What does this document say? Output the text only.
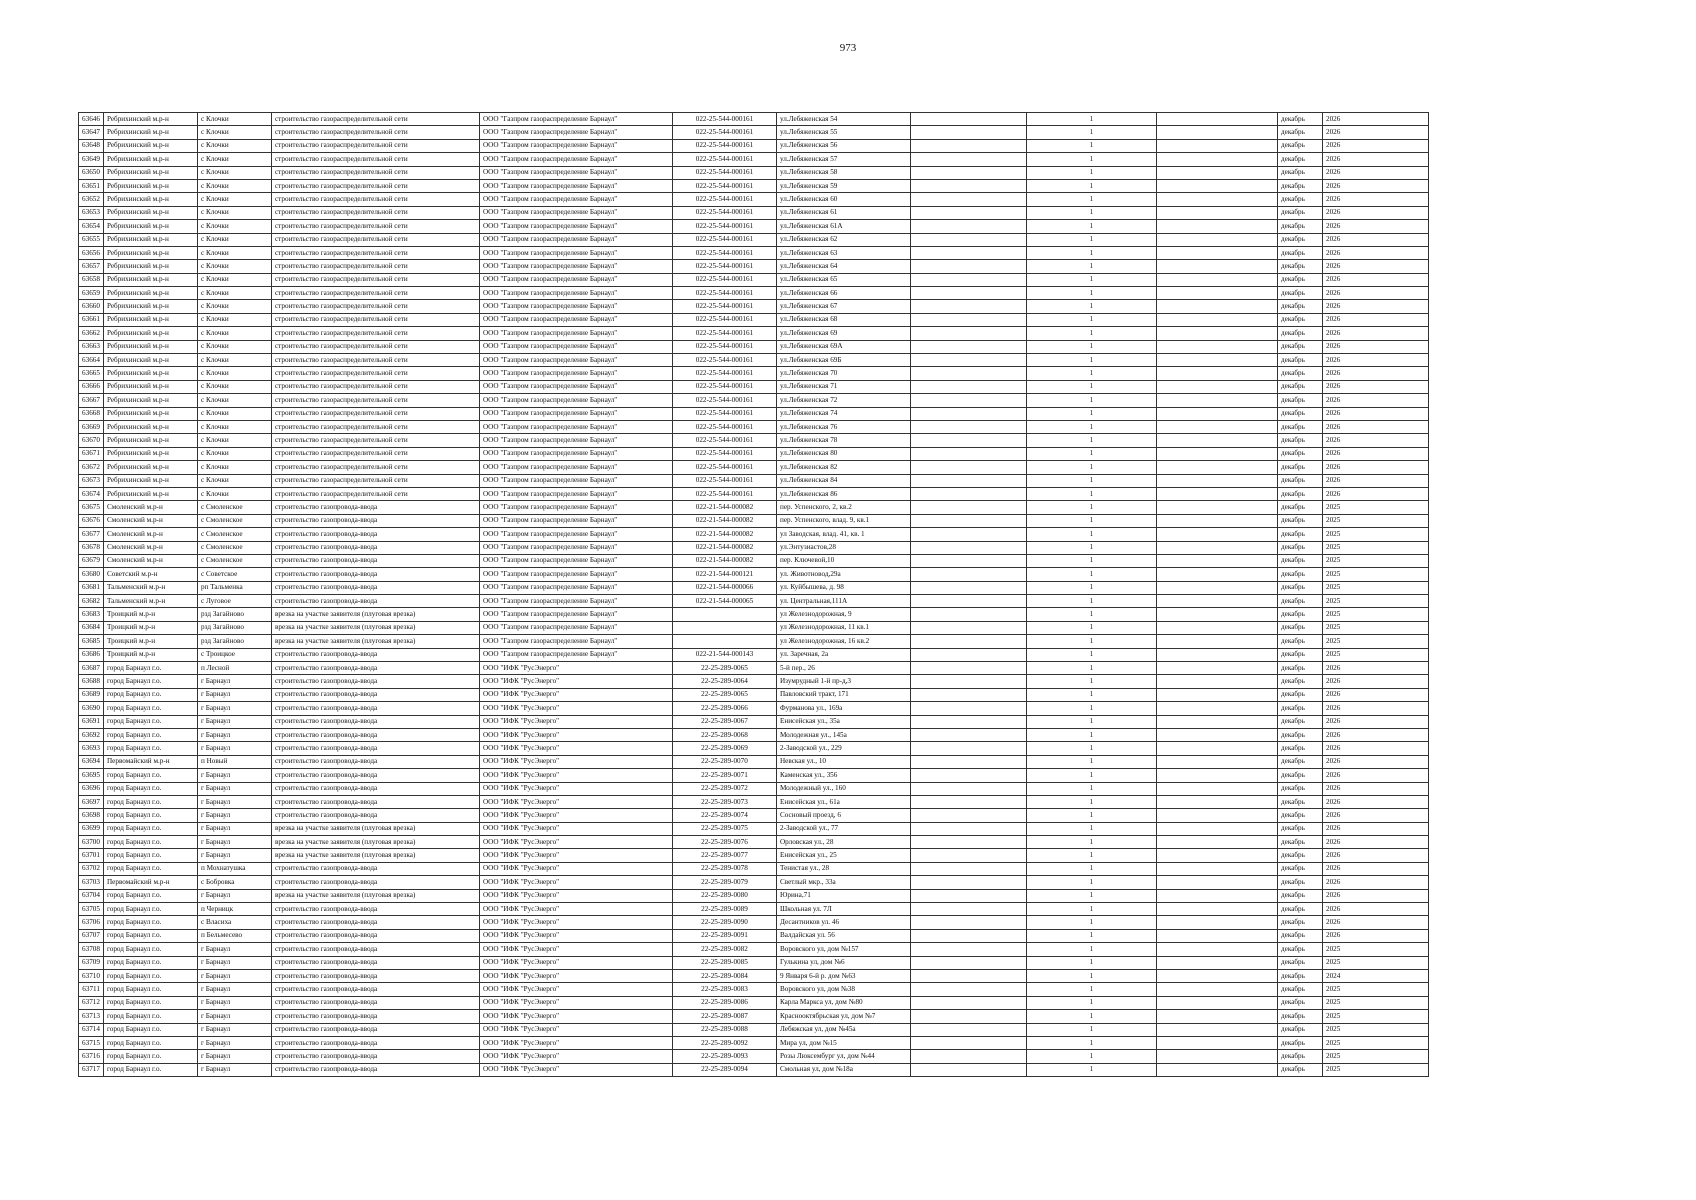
973
63646	Ребрихинский м.р-н	с Клочки	строительство газораспределительной сети	ООО "Газпром газораспределение Барнаул"	022-25-544-000161	ул.Лебяженская 54		1		декабрь	2026
63647	Ребрихинский м.р-н	с Клочки	строительство газораспределительной сети	ООО "Газпром газораспределение Барнаул"	022-25-544-000161	ул.Лебяженская 55		1		декабрь	2026
63648	Ребрихинский м.р-н	с Клочки	строительство газораспределительной сети	ООО "Газпром газораспределение Барнаул"	022-25-544-000161	ул.Лебяженская 56		1		декабрь	2026
63649	Ребрихинский м.р-н	с Клочки	строительство газораспределительной сети	ООО "Газпром газораспределение Барнаул"	022-25-544-000161	ул.Лебяженская 57		1		декабрь	2026
63650	Ребрихинский м.р-н	с Клочки	строительство газораспределительной сети	ООО "Газпром газораспределение Барнаул"	022-25-544-000161	ул.Лебяженская 58		1		декабрь	2026
63651	Ребрихинский м.р-н	с Клочки	строительство газораспределительной сети	ООО "Газпром газораспределение Барнаул"	022-25-544-000161	ул.Лебяженская 59		1		декабрь	2026
63652	Ребрихинский м.р-н	с Клочки	строительство газораспределительной сети	ООО "Газпром газораспределение Барнаул"	022-25-544-000161	ул.Лебяженская 60		1		декабрь	2026
63653	Ребрихинский м.р-н	с Клочки	строительство газораспределительной сети	ООО "Газпром газораспределение Барнаул"	022-25-544-000161	ул.Лебяженская 61		1		декабрь	2026
63654	Ребрихинский м.р-н	с Клочки	строительство газораспределительной сети	ООО "Газпром газораспределение Барнаул"	022-25-544-000161	ул.Лебяженская 61А		1		декабрь	2026
63655	Ребрихинский м.р-н	с Клочки	строительство газораспределительной сети	ООО "Газпром газораспределение Барнаул"	022-25-544-000161	ул.Лебяженская 62		1		декабрь	2026
63656	Ребрихинский м.р-н	с Клочки	строительство газораспределительной сети	ООО "Газпром газораспределение Барнаул"	022-25-544-000161	ул.Лебяженская 63		1		декабрь	2026
63657	Ребрихинский м.р-н	с Клочки	строительство газораспределительной сети	ООО "Газпром газораспределение Барнаул"	022-25-544-000161	ул.Лебяженская 64		1		декабрь	2026
63658	Ребрихинский м.р-н	с Клочки	строительство газораспределительной сети	ООО "Газпром газораспределение Барнаул"	022-25-544-000161	ул.Лебяженская 65		1		декабрь	2026
63659	Ребрихинский м.р-н	с Клочки	строительство газораспределительной сети	ООО "Газпром газораспределение Барнаул"	022-25-544-000161	ул.Лебяженская 66		1		декабрь	2026
63660	Ребрихинский м.р-н	с Клочки	строительство газораспределительной сети	ООО "Газпром газораспределение Барнаул"	022-25-544-000161	ул.Лебяженская 67		1		декабрь	2026
63661	Ребрихинский м.р-н	с Клочки	строительство газораспределительной сети	ООО "Газпром газораспределение Барнаул"	022-25-544-000161	ул.Лебяженская 68		1		декабрь	2026
63662	Ребрихинский м.р-н	с Клочки	строительство газораспределительной сети	ООО "Газпром газораспределение Барнаул"	022-25-544-000161	ул.Лебяженская 69		1		декабрь	2026
63663	Ребрихинский м.р-н	с Клочки	строительство газораспределительной сети	ООО "Газпром газораспределение Барнаул"	022-25-544-000161	ул.Лебяженская 69А		1		декабрь	2026
63664	Ребрихинский м.р-н	с Клочки	строительство газораспределительной сети	ООО "Газпром газораспределение Барнаул"	022-25-544-000161	ул.Лебяженская 69Б		1		декабрь	2026
63665	Ребрихинский м.р-н	с Клочки	строительство газораспределительной сети	ООО "Газпром газораспределение Барнаул"	022-25-544-000161	ул.Лебяженская 70		1		декабрь	2026
63666	Ребрихинский м.р-н	с Клочки	строительство газораспределительной сети	ООО "Газпром газораспределение Барнаул"	022-25-544-000161	ул.Лебяженская 71		1		декабрь	2026
63667	Ребрихинский м.р-н	с Клочки	строительство газораспределительной сети	ООО "Газпром газораспределение Барнаул"	022-25-544-000161	ул.Лебяженская 72		1		декабрь	2026
63668	Ребрихинский м.р-н	с Клочки	строительство газораспределительной сети	ООО "Газпром газораспределение Барнаул"	022-25-544-000161	ул.Лебяженская 74		1		декабрь	2026
63669	Ребрихинский м.р-н	с Клочки	строительство газораспределительной сети	ООО "Газпром газораспределение Барнаул"	022-25-544-000161	ул.Лебяженская 76		1		декабрь	2026
63670	Ребрихинский м.р-н	с Клочки	строительство газораспределительной сети	ООО "Газпром газораспределение Барнаул"	022-25-544-000161	ул.Лебяженская 78		1		декабрь	2026
63671	Ребрихинский м.р-н	с Клочки	строительство газораспределительной сети	ООО "Газпром газораспределение Барнаул"	022-25-544-000161	ул.Лебяженская 80		1		декабрь	2026
63672	Ребрихинский м.р-н	с Клочки	строительство газораспределительной сети	ООО "Газпром газораспределение Барнаул"	022-25-544-000161	ул.Лебяженская 82		1		декабрь	2026
63673	Ребрихинский м.р-н	с Клочки	строительство газораспределительной сети	ООО "Газпром газораспределение Барнаул"	022-25-544-000161	ул.Лебяженская 84		1		декабрь	2026
63674	Ребрихинский м.р-н	с Клочки	строительство газораспределительной сети	ООО "Газпром газораспределение Барнаул"	022-25-544-000161	ул.Лебяженская 86		1		декабрь	2026
63675	Смоленский м.р-н	с Смоленское	строительство газопровода-ввода	ООО "Газпром газораспределение Барнаул"	022-21-544-000082	пер. Успенского, 2, кв.2		1		декабрь	2025
63676	Смоленский м.р-н	с Смоленское	строительство газопровода-ввода	ООО "Газпром газораспределение Барнаул"	022-21-544-000082	пер. Успенского, влад. 9, кв.1		1		декабрь	2025
63677	Смоленский м.р-н	с Смоленское	строительство газопровода-ввода	ООО "Газпром газораспределение Барнаул"	022-21-544-000082	ул Заводская, влад. 41, кв. 1		1		декабрь	2025
63678	Смоленский м.р-н	с Смоленское	строительство газопровода-ввода	ООО "Газпром газораспределение Барнаул"	022-21-544-000082	ул.Энтузиастов,28		1		декабрь	2025
63679	Смоленский м.р-н	с Смоленское	строительство газопровода-ввода	ООО "Газпром газораспределение Барнаул"	022-21-544-000082	пер. Ключевой,10		1		декабрь	2025
63680	Советский м.р-н	с Советское	строительство газопровода-ввода	ООО "Газпром газораспределение Барнаул"	022-21-544-000121	ул. Животновод,29а		1		декабрь	2025
63681	Тальменский м.р-н	рп Тальменка	строительство газопровода-ввода	ООО "Газпром газораспределение Барнаул"	022-21-544-000066	ул. Куйбышева, д. 98		1		декабрь	2025
63682	Тальменский м.р-н	с Луговое	строительство газопровода-ввода	ООО "Газпром газораспределение Барнаул"	022-21-544-000065	ул. Центральная,111А		1		декабрь	2025
63683	Троицкий м.р-н	рзд Загайново	врезка на участке заявителя (плуговая врезка)	ООО "Газпром газораспределение Барнаул"		ул Железнодорожная, 9		1		декабрь	2025
63684	Троицкий м.р-н	рзд Загайново	врезка на участке заявителя (плуговая врезка)	ООО "Газпром газораспределение Барнаул"		ул Железнодорожная, 11 кв.1		1		декабрь	2025
63685	Троицкий м.р-н	рзд Загайново	врезка на участке заявителя (плуговая врезка)	ООО "Газпром газораспределение Барнаул"		ул Железнодорожная, 16 кв.2		1		декабрь	2025
63686	Троицкий м.р-н	с Троицкое	строительство газопровода-ввода	ООО "Газпром газораспределение Барнаул"	022-21-544-000143	ул. Заречная, 2а		1		декабрь	2025
63687	город Барнаул г.о.	п Лесной	строительство газопровода-ввода	ООО "ИФК "РусЭнерго"	22-25-289-0065	5-й пер., 26		1		декабрь	2026
63688	город Барнаул г.о.	г Барнаул	строительство газопровода-ввода	ООО "ИФК "РусЭнерго"	22-25-289-0064	Изумрудный 1-й пр-д,3		1		декабрь	2026
63689	город Барнаул г.о.	г Барнаул	строительство газопровода-ввода	ООО "ИФК "РусЭнерго"	22-25-289-0065	Павловский тракт, 171		1		декабрь	2026
63690	город Барнаул г.о.	г Барнаул	строительство газопровода-ввода	ООО "ИФК "РусЭнерго"	22-25-289-0066	Фурманова ул., 169а		1		декабрь	2026
63691	город Барнаул г.о.	г Барнаул	строительство газопровода-ввода	ООО "ИФК "РусЭнерго"	22-25-289-0067	Енисейская ул., 35а		1		декабрь	2026
63692	город Барнаул г.о.	г Барнаул	строительство газопровода-ввода	ООО "ИФК "РусЭнерго"	22-25-289-0068	Молодежная ул., 145а		1		декабрь	2026
63693	город Барнаул г.о.	г Барнаул	строительство газопровода-ввода	ООО "ИФК "РусЭнерго"	22-25-289-0069	2-Заводской ул., 229		1		декабрь	2026
63694	Первомайский м.р-н	п Новый	строительство газопровода-ввода	ООО "ИФК "РусЭнерго"	22-25-289-0070	Невская ул., 10		1		декабрь	2026
63695	город Барнаул г.о.	г Барнаул	строительство газопровода-ввода	ООО "ИФК "РусЭнерго"	22-25-289-0071	Каменская ул., 356		1		декабрь	2026
63696	город Барнаул г.о.	г Барнаул	строительство газопровода-ввода	ООО "ИФК "РусЭнерго"	22-25-289-0072	Молодежный ул., 160		1		декабрь	2026
63697	город Барнаул г.о.	г Барнаул	строительство газопровода-ввода	ООО "ИФК "РусЭнерго"	22-25-289-0073	Енисейская ул., 61а		1		декабрь	2026
63698	город Барнаул г.о.	г Барнаул	строительство газопровода-ввода	ООО "ИФК "РусЭнерго"	22-25-289-0074	Сосновый проезд, 6		1		декабрь	2026
63699	город Барнаул г.о.	г Барнаул	врезка на участке заявителя (плуговая врезка)	ООО "ИФК "РусЭнерго"	22-25-289-0075	2-Заводской ул., 77		1		декабрь	2026
63700	город Барнаул г.о.	г Барнаул	врезка на участке заявителя (плуговая врезка)	ООО "ИФК "РусЭнерго"	22-25-289-0076	Орловская ул., 28		1		декабрь	2026
63701	город Барнаул г.о.	г Барнаул	врезка на участке заявителя (плуговая врезка)	ООО "ИФК "РусЭнерго"	22-25-289-0077	Енисейская ул., 25		1		декабрь	2026
63702	город Барнаул г.о.	п Мохнатушка	строительство газопровода-ввода	ООО "ИФК "РусЭнерго"	22-25-289-0078	Тенистая ул., 28		1		декабрь	2026
63703	Первомайский м.р-н	с Бобровка	строительство газопровода-ввода	ООО "ИФК "РусЭнерго"	22-25-289-0079	Светлый мкр., 33а		1		декабрь	2026
63704	город Барнаул г.о.	г Барнаул	врезка на участке заявителя (плуговая врезка)	ООО "ИФК "РусЭнерго"	22-25-289-0080	Юрина,71		1		декабрь	2026
63705	город Барнаул г.о.	п Черницк	строительство газопровода-ввода	ООО "ИФК "РусЭнерго"	22-25-289-0089	Школьная ул. 7Л		1		декабрь	2026
63706	город Барнаул г.о.	с Власиха	строительство газопровода-ввода	ООО "ИФК "РусЭнерго"	22-25-289-0090	Десантников ул. 46		1		декабрь	2026
63707	город Барнаул г.о.	п Бельмесево	строительство газопровода-ввода	ООО "ИФК "РусЭнерго"	22-25-289-0091	Валдайская ул. 56		1		декабрь	2026
63708	город Барнаул г.о.	г Барнаул	строительство газопровода-ввода	ООО "ИФК "РусЭнерго"	22-25-289-0082	Воровского ул, дом №157		1		декабрь	2025
63709	город Барнаул г.о.	г Барнаул	строительство газопровода-ввода	ООО "ИФК "РусЭнерго"	22-25-289-0085	Гулькина ул, дом №6		1		декабрь	2025
63710	город Барнаул г.о.	г Барнаул	строительство газопровода-ввода	ООО "ИФК "РусЭнерго"	22-25-289-0084	9 Января 6-й р. дом №63		1		декабрь	2024
63711	город Барнаул г.о.	г Барнаул	строительство газопровода-ввода	ООО "ИФК "РусЭнерго"	22-25-289-0083	Воровского ул, дом №38		1		декабрь	2025
63712	город Барнаул г.о.	г Барнаул	строительство газопровода-ввода	ООО "ИФК "РусЭнерго"	22-25-289-0086	Карла Маркса ул, дом №80		1		декабрь	2025
63713	город Барнаул г.о.	г Барнаул	строительство газопровода-ввода	ООО "ИФК "РусЭнерго"	22-25-289-0087	Краснооктябрьская ул, дом №7		1		декабрь	2025
63714	город Барнаул г.о.	г Барнаул	строительство газопровода-ввода	ООО "ИФК "РусЭнерго"	22-25-289-0088	Лебяжская ул, дом №45а		1		декабрь	2025
63715	город Барнаул г.о.	г Барнаул	строительство газопровода-ввода	ООО "ИФК "РусЭнерго"	22-25-289-0092	Мира ул, дом №15		1		декабрь	2025
63716	город Барнаул г.о.	г Барнаул	строительство газопровода-ввода	ООО "ИФК "РусЭнерго"	22-25-289-0093	Розы Люксембург ул, дом №44		1		декабрь	2025
63717	город Барнаул г.о.	г Барнаул	строительство газопровода-ввода	ООО "ИФК "РусЭнерго"	22-25-289-0094	Смольная ул, дом №18а		1		декабрь	2025
